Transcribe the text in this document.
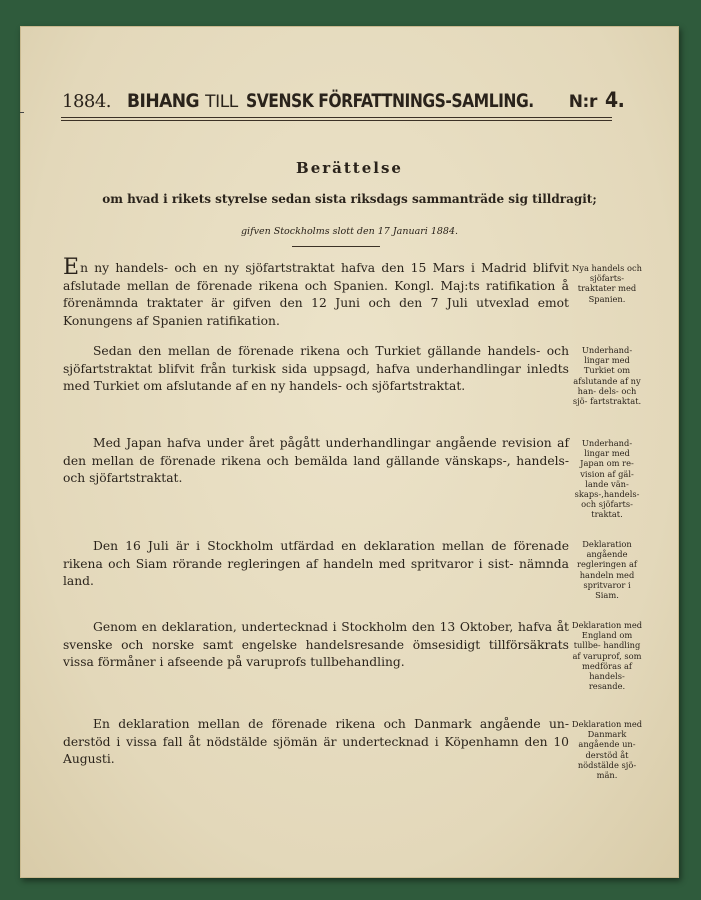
1884. BIHANG TILL SVENSK FÖRFATTNINGS-SAMLING. N:r 4.
Berättelse
om hvad i rikets styrelse sedan sista riksdags sammanträde sig tilldragit;
gifven Stockholms slott den 17 Januari 1884.
En ny handels- och en ny sjöfartstraktat hafva den 15 Mars i Madrid blifvit afslutade mellan de förenade rikena och Spanien. Kongl. Maj:ts ratifikation å förenämnda traktater är gifven den 12 Juni och den 7 Juli utvexlad emot Konungens af Spanien ratifikation.
Nya handels och sjöfarts- traktater med Spanien.
Sedan den mellan de förenade rikena och Turkiet gällande handels- och sjöfartstraktat blifvit från turkisk sida uppsagd, hafva underhandlingar inledts med Turkiet om afslutande af en ny handels- och sjöfartstraktat.
Underhand- lingar med Turkiet om afslutande af ny han- dels- och sjö- fartstraktat.
Med Japan hafva under året pågått underhandlingar angående revision af den mellan de förenade rikena och bemälda land gällande vänskaps-, handels- och sjöfartstraktat.
Underhand- lingar med Japan om re- vision af gäl- lande vän- skaps-,handels- och sjöfarts- traktat.
Den 16 Juli är i Stockholm utfärdad en deklaration mellan de förenade rikena och Siam rörande regleringen af handeln med spritvaror i sist- nämnda land.
Deklaration angående regleringen af handeln med spritvaror i Siam.
Genom en deklaration, undertecknad i Stockholm den 13 Oktober, hafva åt svenske och norske samt engelske handelsresande ömsesidigt tillförsäkrats vissa förmåner i afseende på varuprofs tullbehandling.
Deklaration med England om tullbe- handling af varuprof, som medföras af handels- resande.
En deklaration mellan de förenade rikena och Danmark angående un- derstöd i vissa fall åt nödstälde sjömän är undertecknad i Köpenhamn den 10 Augusti.
Deklaration med Danmark angående un- derstöd åt nödstälde sjö- män.
